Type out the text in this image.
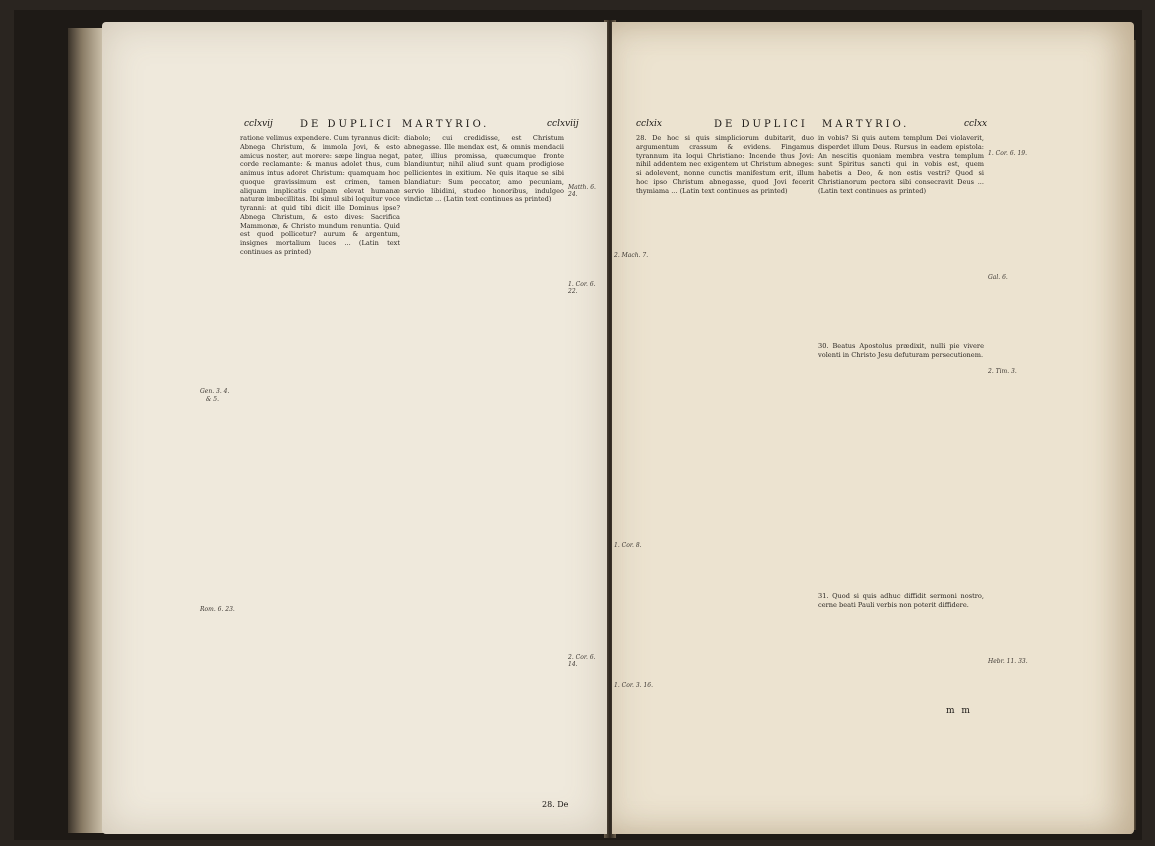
cclxvij	DE DUPLICI MARTYRIO.	cclxviij
ratione velimus expendere. Cum tyrannus dicit: Abnega Christum, & immola Jovi, & esto amicus noster, aut morere: sæpe lingua negat, corde reclamante: & manus adolet thus, cum animus intus adoret Christum: quamquam hoc quoque gravissimum est crimen, tamen aliquam implicatis culpam elevat humanæ naturæ imbecillitas. Ibi simul sibi loquitur voce tyranni: at quid tibi dicit ille Dominus ipse? Abnega Christum, & esto dives: Sacrifica Mammonæ, & Christo mundum renuntia. Quid est quod pollicetur? aurum & argentum, insignes mortalium luces ... (Latin text continues as printed)
diabolo; cui credidisse, est Christum abnegasse. Ille mendax est, & omnis mendacii pater, illius promissa, quæcumque fronte blandiuntur, nihil aliud sunt quam prodigiose pellicientes in exitium. Ne quis itaque se sibi blandiatur: Sum peccator, amo pecuniam, servio libidini, studeo honoribus, indulgeo vindictæ ... (Latin text continues as printed)
Gen. 3. 4.
& 5.
Rom. 6. 23.
Matth. 6. 24.
1. Cor. 6. 22.
2. Cor. 6. 14.
28. De
cclxix	DE DUPLICI MARTYRIO.	cclxx
28. De hoc si quis simpliciorum dubitarit, duo argumentum crassum & evidens. Fingamus tyrannum ita loqui Christiano: Incende thus Jovi: nihil addentem nec exigentem ut Christum abneges: si adolevent, nonne cunctis manifestum erit, illum hoc ipso Christum abnegasse, quod Jovi fecerit thymiama ... (Latin text continues as printed)
in vobis? Si quis autem templum Dei violaverit, disperdet illum Deus. Rursus in eadem epistola: An nescitis quoniam membra vestra templum sunt Spiritus sancti qui in vobis est, quem habetis a Deo, & non estis vestri? Quod si Christianorum pectora sibi consecravit Deus ... (Latin text continues as printed)
30. Beatus Apostolus prædixit, nulli pie vivere volenti in Christo Jesu defuturam persecutionem.
31. Quod si quis adhuc diffidit sermoni nostro, cerne beati Pauli verbis non poterit diffidere.
2. Mach. 7.
1. Cor. 8.
1. Cor. 3. 16.
1. Cor. 6. 19.
Gal. 6.
2. Tim. 3.
Hebr. 11. 33.
m m
